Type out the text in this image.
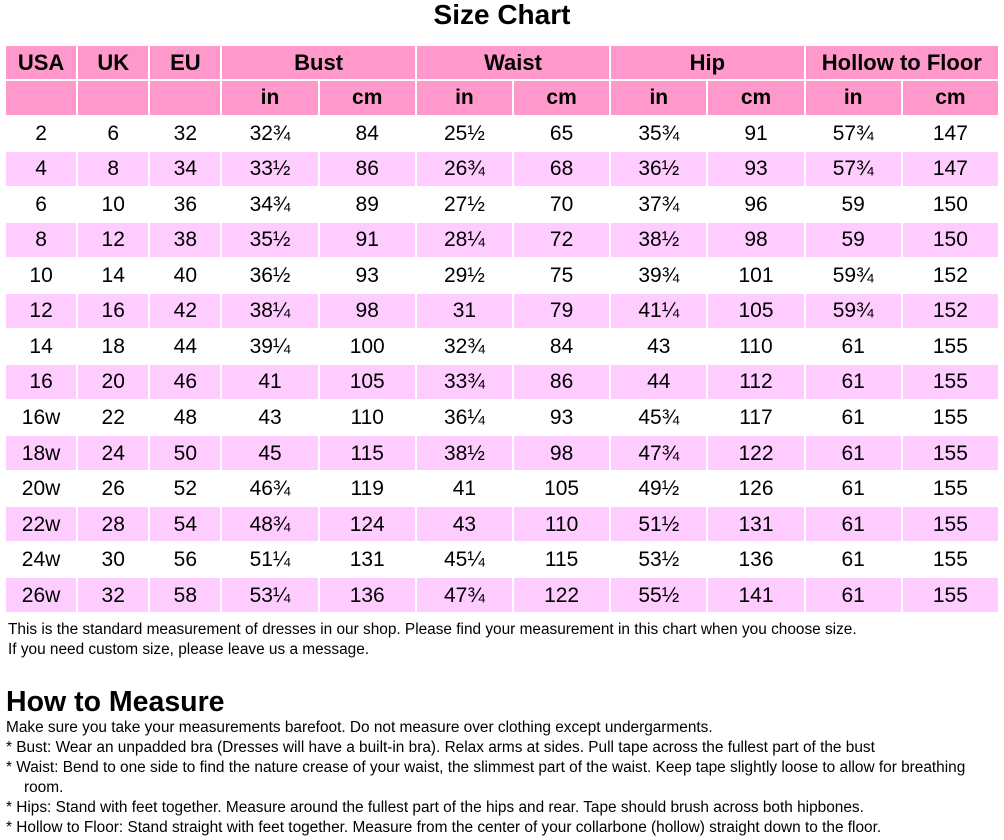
Size Chart
USA	UK	EU	Bust		Waist		Hip		Hollow to Floor	
			in	cm	in	cm	in	cm	in	cm
2	6	32	32¾	84	25½	65	35¾	91	57¾	147
4	8	34	33½	86	26¾	68	36½	93	57¾	147
6	10	36	34¾	89	27½	70	37¾	96	59	150
8	12	38	35½	91	28¼	72	38½	98	59	150
10	14	40	36½	93	29½	75	39¾	101	59¾	152
12	16	42	38¼	98	31	79	41¼	105	59¾	152
14	18	44	39¼	100	32¾	84	43	110	61	155
16	20	46	41	105	33¾	86	44	112	61	155
16w	22	48	43	110	36¼	93	45¾	117	61	155
18w	24	50	45	115	38½	98	47¾	122	61	155
20w	26	52	46¾	119	41	105	49½	126	61	155
22w	28	54	48¾	124	43	110	51½	131	61	155
24w	30	56	51¼	131	45¼	115	53½	136	61	155
26w	32	58	53¼	136	47¾	122	55½	141	61	155
This is the standard measurement of dresses in our shop. Please find your measurement in this chart when you choose size.
If you need custom size, please leave us a message.
How to Measure
Make sure you take your measurements barefoot. Do not measure over clothing except undergarments.
* Bust: Wear an unpadded bra (Dresses will have a built-in bra). Relax arms at sides. Pull tape across the fullest part of the bust
* Waist: Bend to one side to find the nature crease of your waist, the slimmest part of the waist. Keep tape slightly loose to allow for breathing room.
* Hips: Stand with feet together. Measure around the fullest part of the hips and rear. Tape should brush across both hipbones.
* Hollow to Floor: Stand straight with feet together. Measure from the center of your collarbone (hollow) straight down to the floor.
